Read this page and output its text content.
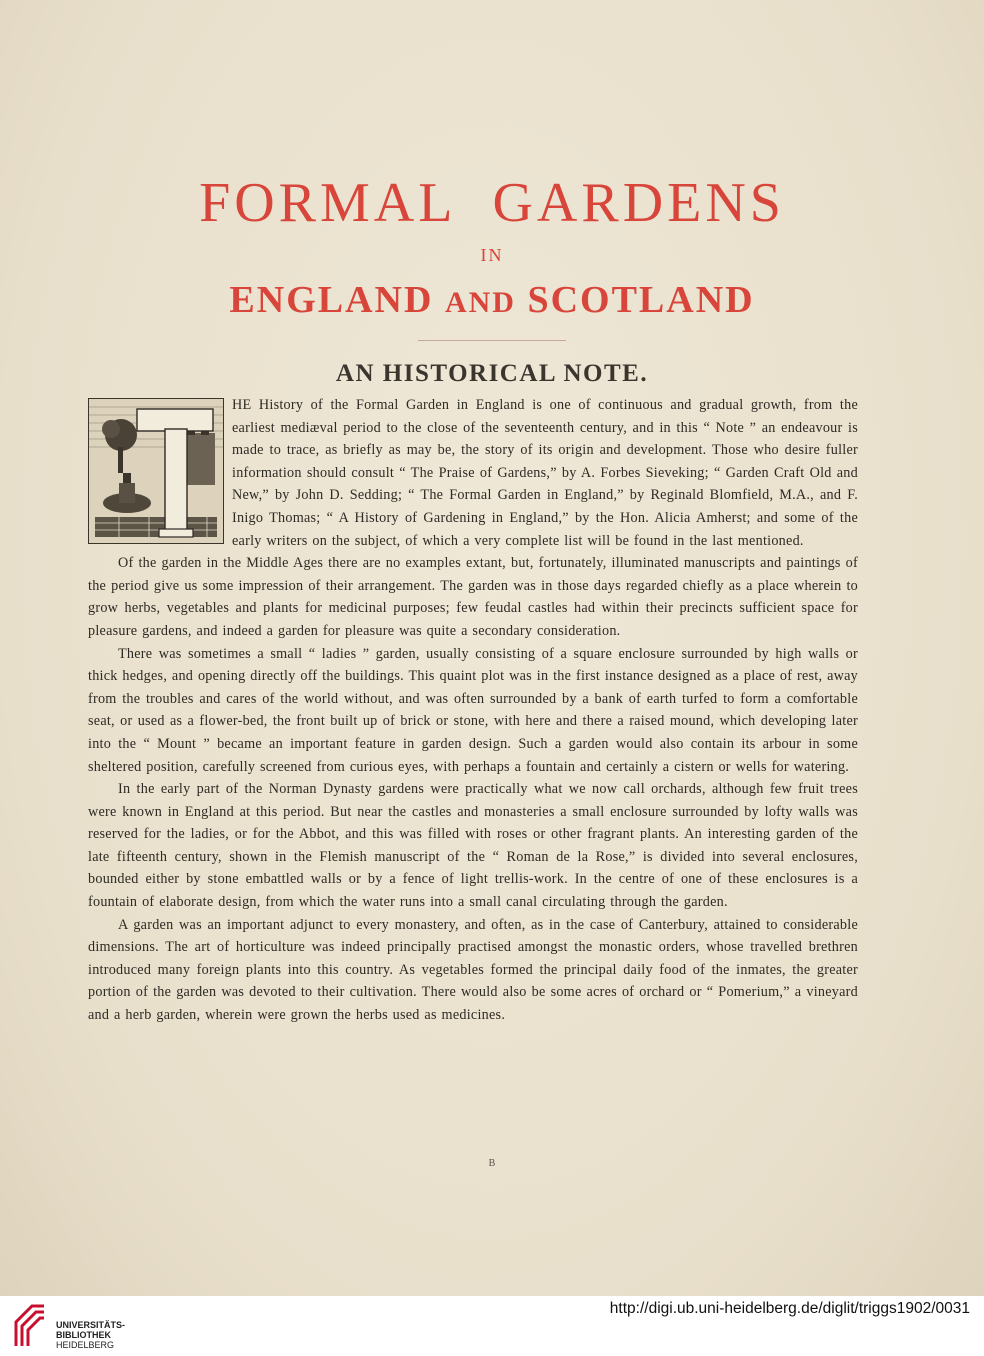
FORMAL GARDENS

IN

ENGLAND AND SCOTLAND
AN HISTORICAL NOTE.

HE History of the Formal Garden in England is one of continuous and gradual growth, from the earliest mediæval period to the close of the seventeenth century, and in this “ Note ” an endeavour is made to trace, as briefly as may be, the story of its origin and development. Those who desire fuller information should consult “ The Praise of Gardens,” by A. Forbes Sieveking; “ Garden Craft Old and New,” by John D. Sedding; “ The Formal Garden in England,” by Reginald Blomfield, M.A., and F. Inigo Thomas; “ A History of Gardening in England,” by the Hon. Alicia Amherst; and some of the early writers on the subject, of which a very complete list will be found in the last mentioned.

Of the garden in the Middle Ages there are no examples extant, but, fortunately, illuminated manuscripts and paintings of the period give us some impression of their arrangement. The garden was in those days regarded chiefly as a place wherein to grow herbs, vegetables and plants for medicinal purposes; few feudal castles had within their precincts sufficient space for pleasure gardens, and indeed a garden for pleasure was quite a secondary consideration.

There was sometimes a small “ ladies ” garden, usually consisting of a square enclosure surrounded by high walls or thick hedges, and opening directly off the buildings. This quaint plot was in the first instance designed as a place of rest, away from the troubles and cares of the world without, and was often surrounded by a bank of earth turfed to form a comfortable seat, or used as a flower-bed, the front built up of brick or stone, with here and there a raised mound, which developing later into the “ Mount ” became an important feature in garden design. Such a garden would also contain its arbour in some sheltered position, carefully screened from curious eyes, with perhaps a fountain and certainly a cistern or wells for watering.

In the early part of the Norman Dynasty gardens were practically what we now call orchards, although few fruit trees were known in England at this period. But near the castles and monasteries a small enclosure surrounded by lofty walls was reserved for the ladies, or for the Abbot, and this was filled with roses or other fragrant plants. An interesting garden of the late fifteenth century, shown in the Flemish manuscript of the “ Roman de la Rose,” is divided into several enclosures, bounded either by stone embattled walls or by a fence of light trellis-work. In the centre of one of these enclosures is a fountain of elaborate design, from which the water runs into a small canal circulating through the garden.

A garden was an important adjunct to every monastery, and often, as in the case of Canterbury, attained to considerable dimensions. The art of horticulture was indeed principally practised amongst the monastic orders, whose travelled brethren introduced many foreign plants into this country. As vegetables formed the principal daily food of the inmates, the greater portion of the garden was devoted to their cultivation. There would also be some acres of orchard or “ Pomerium,” a vineyard and a herb garden, wherein were grown the herbs used as medicines.

B

UNIVERSITÄTS-
BIBLIOTHEK
HEIDELBERG
http://digi.ub.uni-heidelberg.de/diglit/triggs1902/0031
